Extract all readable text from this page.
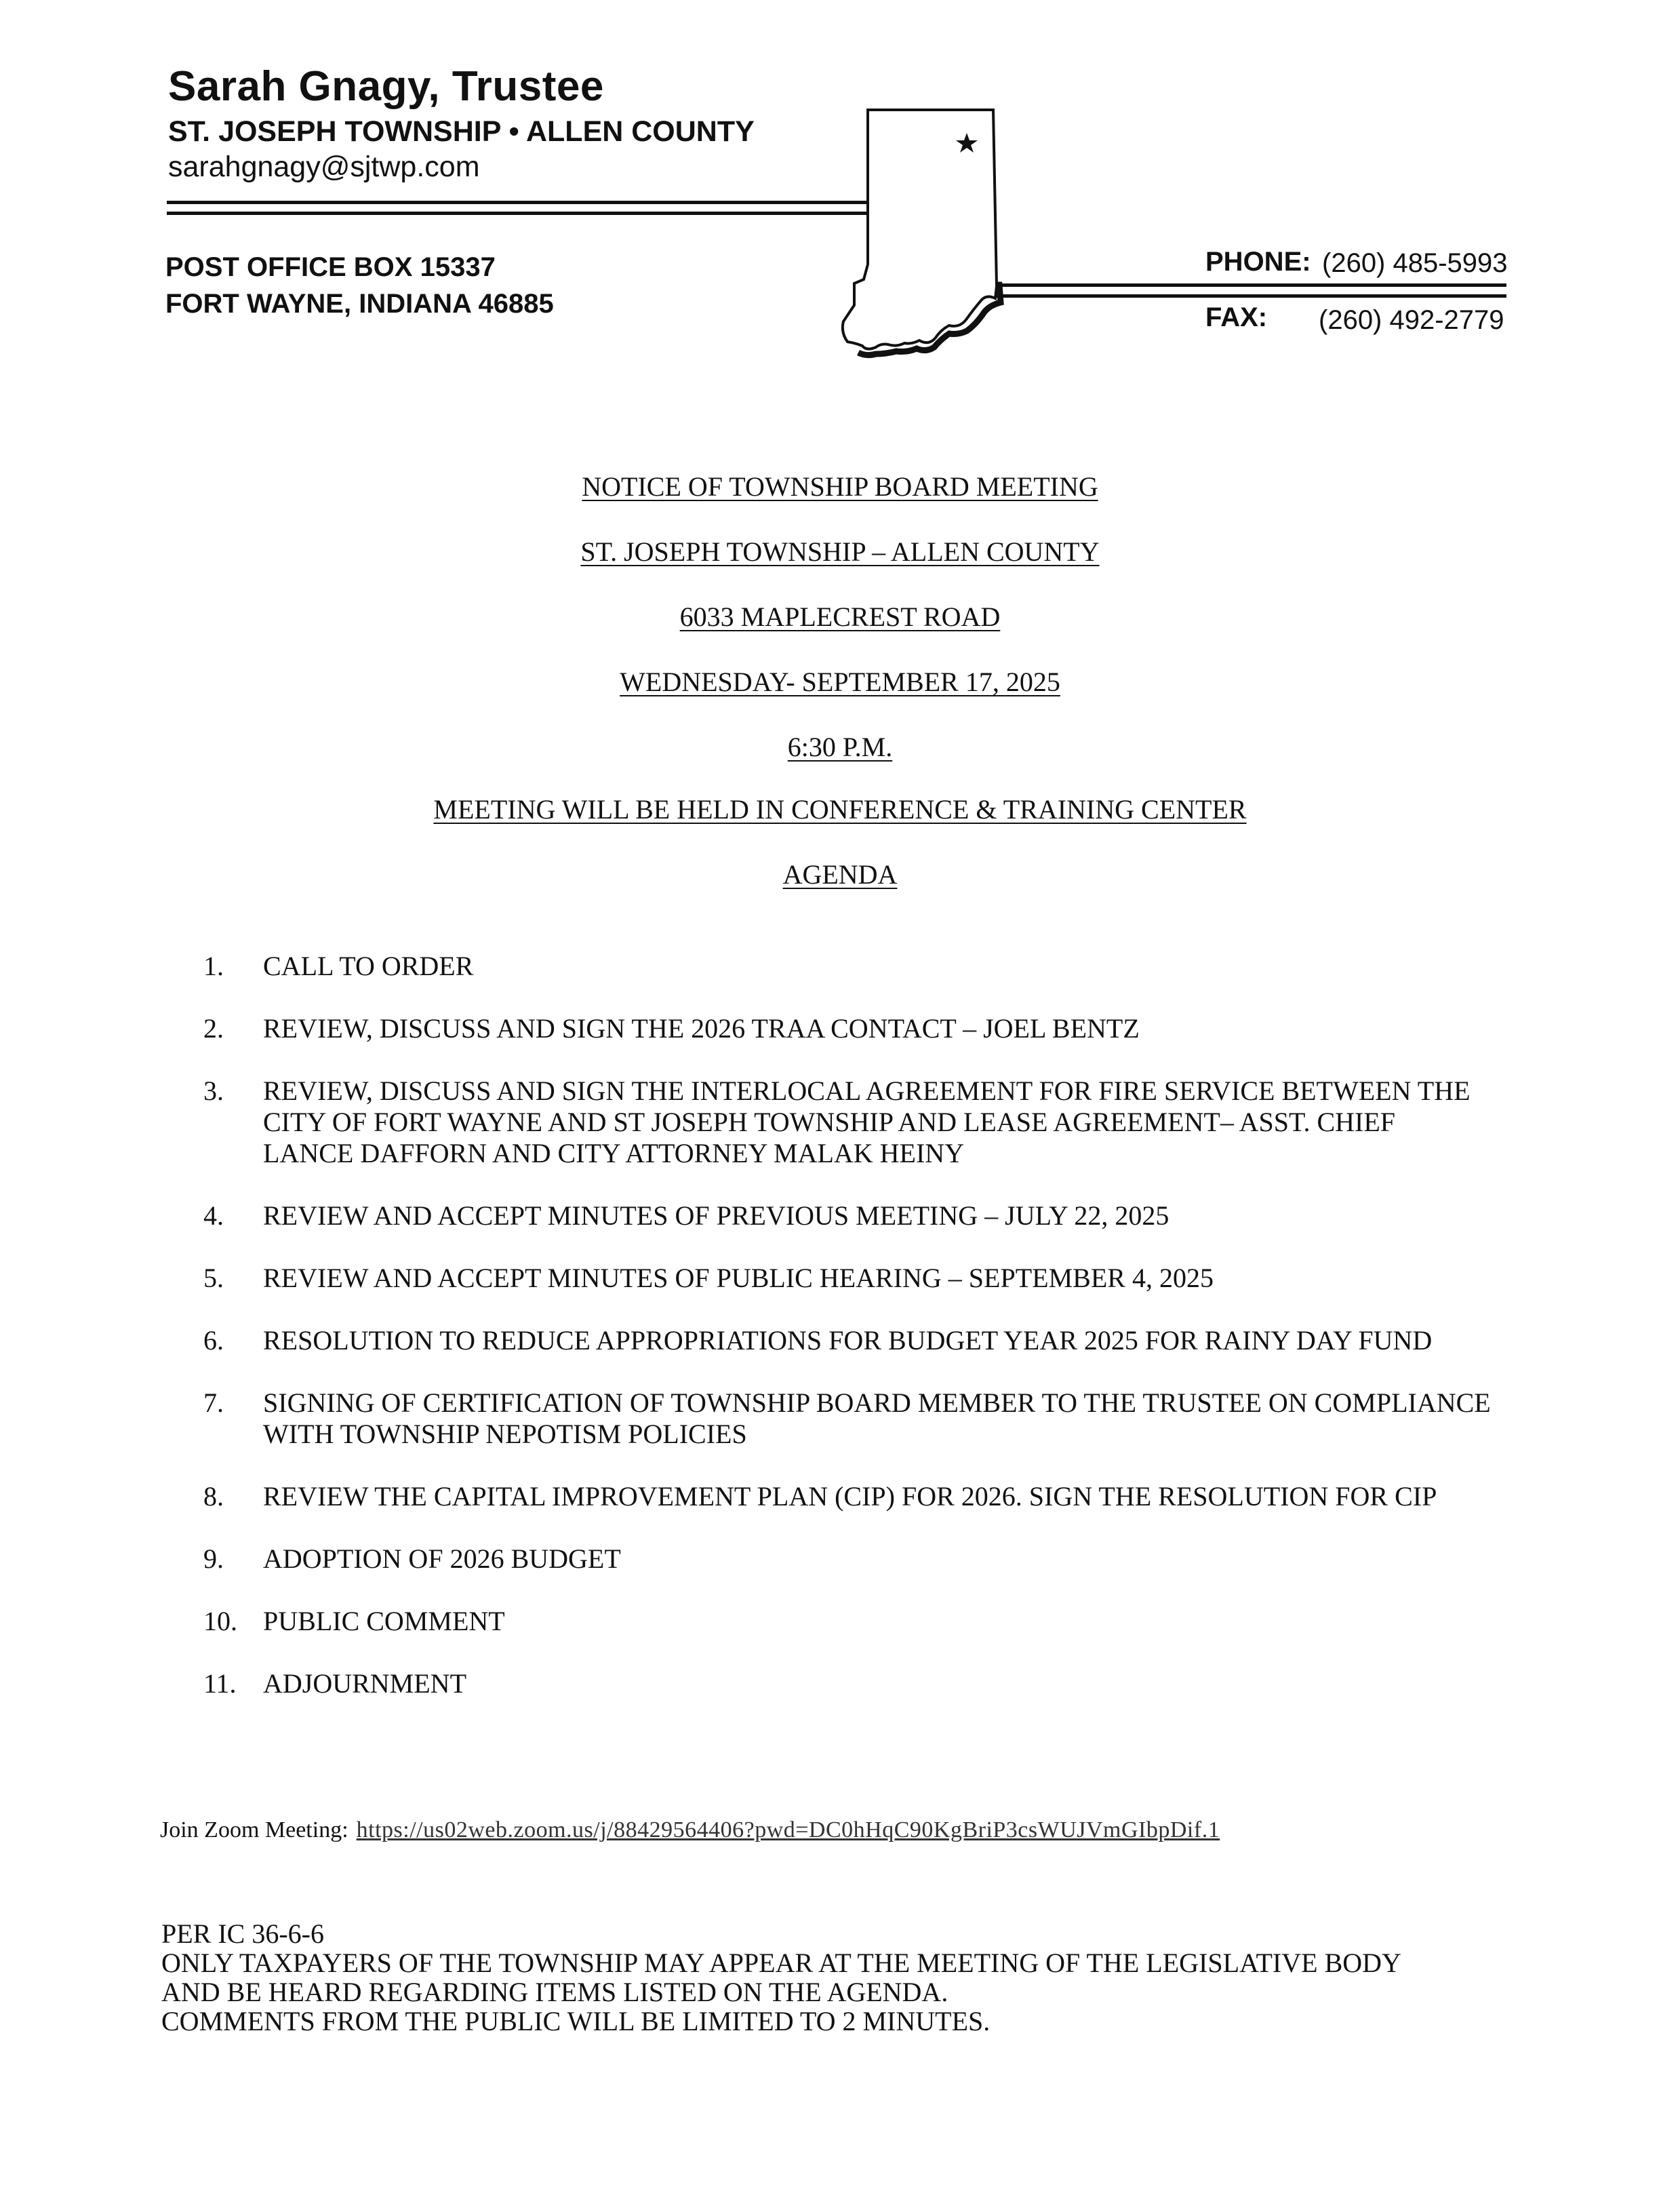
Sarah Gnagy, Trustee
ST. JOSEPH TOWNSHIP • ALLEN COUNTY
sarahgnagy@sjtwp.com
POST OFFICE BOX 15337
FORT WAYNE, INDIANA 46885
PHONE: (260) 485-5993
FAX: (260) 492-2779
NOTICE OF TOWNSHIP BOARD MEETING
ST. JOSEPH TOWNSHIP – ALLEN COUNTY
6033 MAPLECREST ROAD
WEDNESDAY- SEPTEMBER 17, 2025
6:30 P.M.
MEETING WILL BE HELD IN CONFERENCE & TRAINING CENTER
AGENDA
1.	CALL TO ORDER
2.	REVIEW, DISCUSS AND SIGN THE 2026 TRAA CONTACT – JOEL BENTZ
3.	REVIEW, DISCUSS AND SIGN THE INTERLOCAL AGREEMENT FOR FIRE SERVICE BETWEEN THE CITY OF FORT WAYNE AND ST JOSEPH TOWNSHIP AND LEASE AGREEMENT– ASST. CHIEF LANCE DAFFORN AND CITY ATTORNEY MALAK HEINY
4.	REVIEW AND ACCEPT MINUTES OF PREVIOUS MEETING – JULY 22, 2025
5.	REVIEW AND ACCEPT MINUTES OF PUBLIC HEARING – SEPTEMBER 4, 2025
6.	RESOLUTION TO REDUCE APPROPRIATIONS FOR BUDGET YEAR 2025 FOR RAINY DAY FUND
7.	SIGNING OF CERTIFICATION OF TOWNSHIP BOARD MEMBER TO THE TRUSTEE ON COMPLIANCE WITH TOWNSHIP NEPOTISM POLICIES
8.	REVIEW THE CAPITAL IMPROVEMENT PLAN (CIP) FOR 2026. SIGN THE RESOLUTION FOR CIP
9.	ADOPTION OF 2026 BUDGET
10. PUBLIC COMMENT
11. ADJOURNMENT
Join Zoom Meeting: https://us02web.zoom.us/j/88429564406?pwd=DC0hHqC90KgBriP3csWUJVmGIbpDif.1
PER IC 36-6-6
ONLY TAXPAYERS OF THE TOWNSHIP MAY APPEAR AT THE MEETING OF THE LEGISLATIVE BODY
AND BE HEARD REGARDING ITEMS LISTED ON THE AGENDA.
COMMENTS FROM THE PUBLIC WILL BE LIMITED TO 2 MINUTES.
